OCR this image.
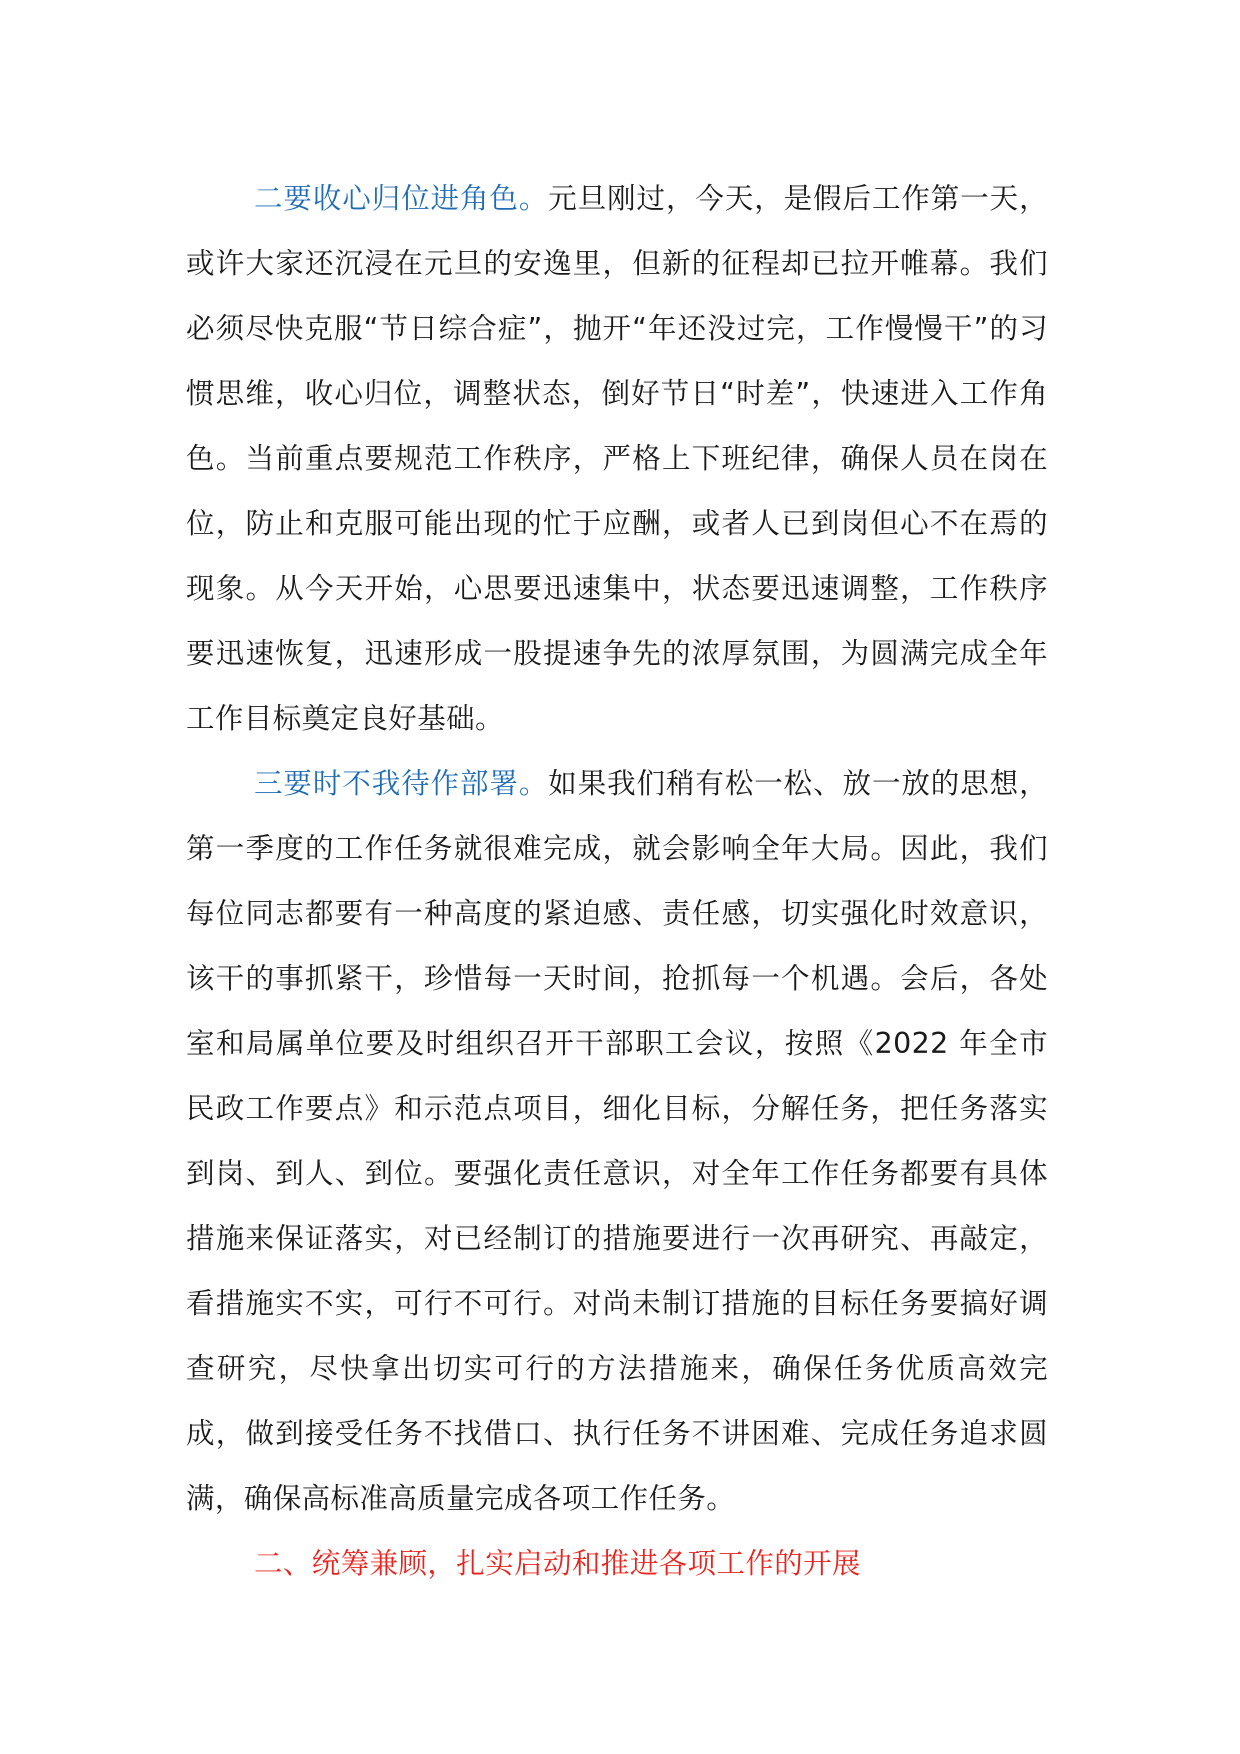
二要收心归位进角色。元旦刚过，今天，是假后工作第一天，或许大家还沉浸在元旦的安逸里，但新的征程却已拉开帷幕。我们必须尽快克服“节日综合症”，抛开“年还没过完，工作慢慢干”的习惯思维，收心归位，调整状态，倒好节日“时差”，快速进入工作角色。当前重点要规范工作秩序，严格上下班纪律，确保人员在岗在位，防止和克服可能出现的忙于应酬，或者人已到岗但心不在焉的现象。从今天开始，心思要迅速集中，状态要迅速调整，工作秩序要迅速恢复，迅速形成一股提速争先的浓厚氛围，为圆满完成全年工作目标奠定良好基础。

三要时不我待作部署。如果我们稍有松一松、放一放的思想，第一季度的工作任务就很难完成，就会影响全年大局。因此，我们每位同志都要有一种高度的紧迫感、责任感，切实强化时效意识，该干的事抓紧干，珍惜每一天时间，抢抓每一个机遇。会后，各处室和局属单位要及时组织召开干部职工会议，按照《2022 年全市民政工作要点》和示范点项目，细化目标，分解任务，把任务落实到岗、到人、到位。要强化责任意识，对全年工作任务都要有具体措施来保证落实，对已经制订的措施要进行一次再研究、再敲定，看措施实不实，可行不可行。对尚未制订措施的目标任务要搞好调查研究，尽快拿出切实可行的方法措施来，确保任务优质高效完成，做到接受任务不找借口、执行任务不讲困难、完成任务追求圆满，确保高标准高质量完成各项工作任务。

二、统筹兼顾，扎实启动和推进各项工作的开展
